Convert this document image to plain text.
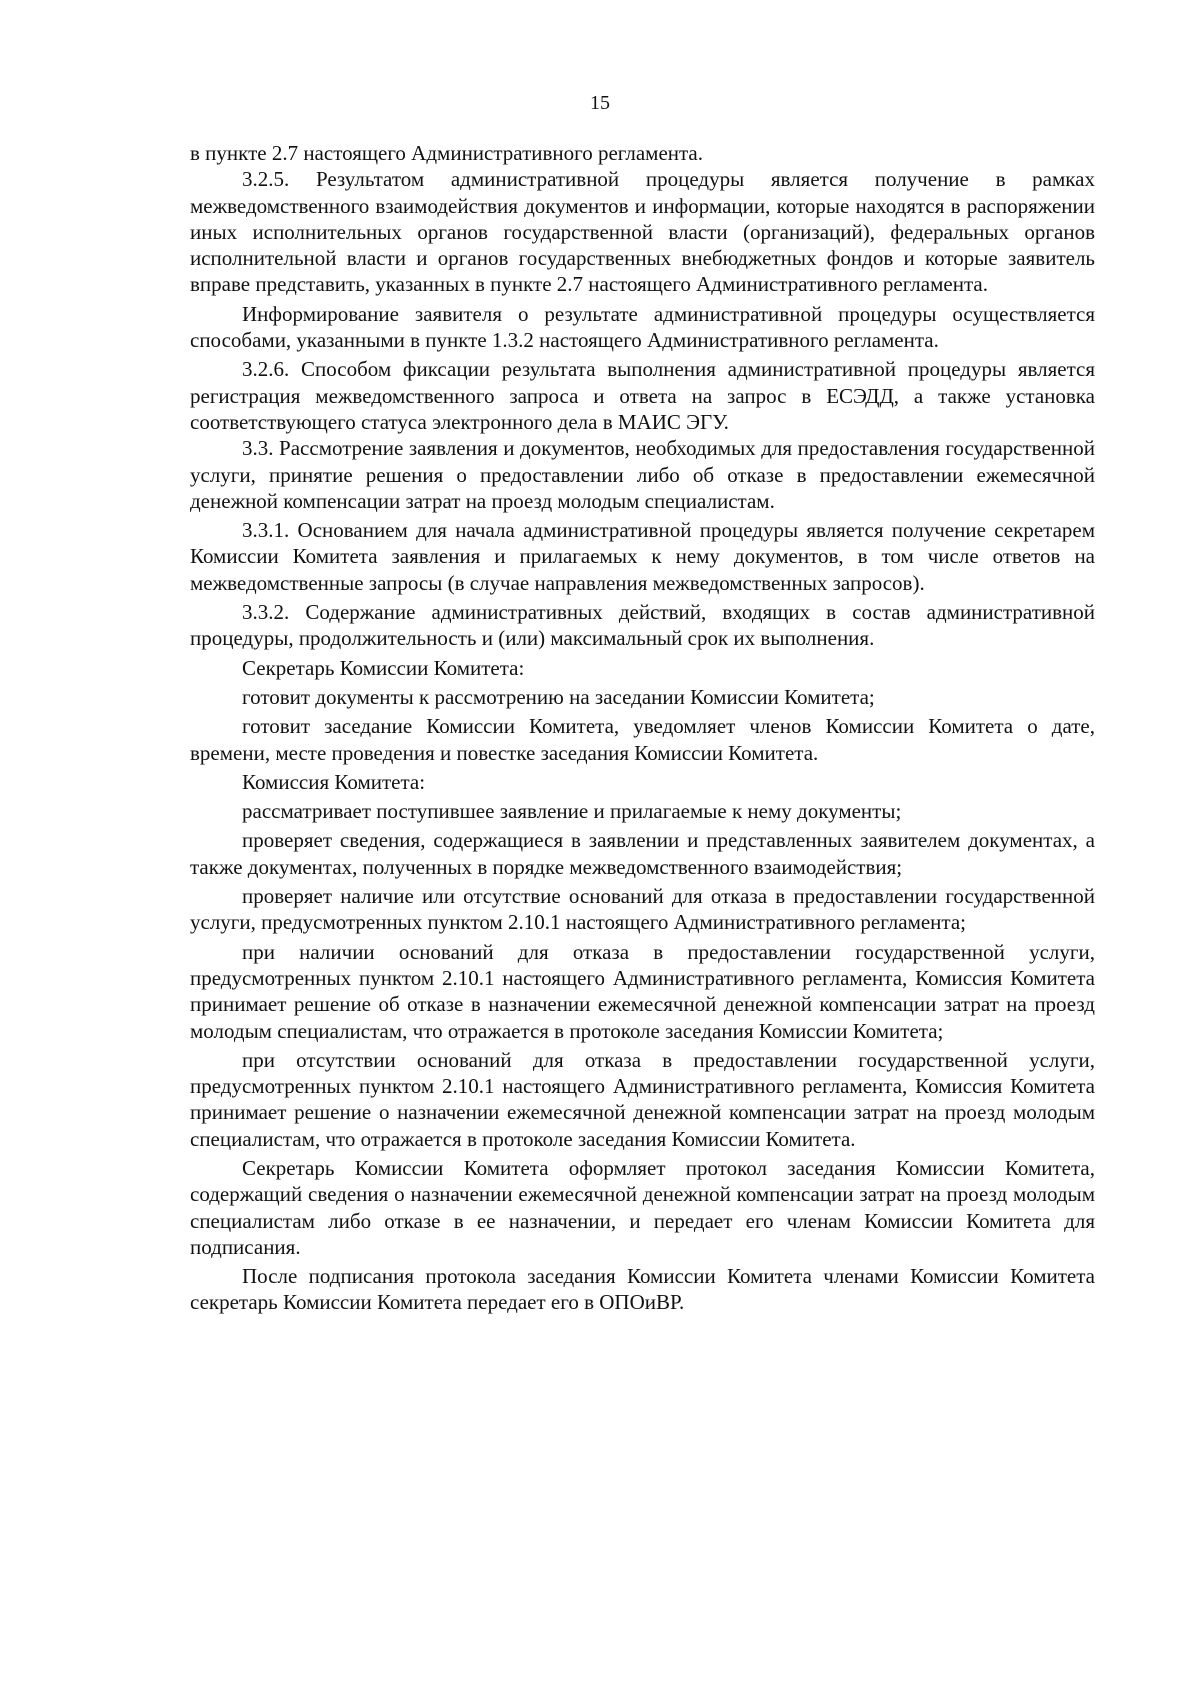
15

в пункте 2.7 настоящего Административного регламента.

3.2.5. Результатом административной процедуры является получение в рамках межведомственного взаимодействия документов и информации, которые находятся в распоряжении иных исполнительных органов государственной власти (организаций), федеральных органов исполнительной власти и органов государственных внебюджетных фондов и которые заявитель вправе представить, указанных в пункте 2.7 настоящего Административного регламента.

Информирование заявителя о результате административной процедуры осуществляется способами, указанными в пункте 1.3.2 настоящего Административного регламента.

3.2.6. Способом фиксации результата выполнения административной процедуры является регистрация межведомственного запроса и ответа на запрос в ЕСЭДД, а также установка соответствующего статуса электронного дела в МАИС ЭГУ.

3.3. Рассмотрение заявления и документов, необходимых для предоставления государственной услуги, принятие решения о предоставлении либо об отказе в предоставлении ежемесячной денежной компенсации затрат на проезд молодым специалистам.

3.3.1. Основанием для начала административной процедуры является получение секретарем Комиссии Комитета заявления и прилагаемых к нему документов, в том числе ответов на межведомственные запросы (в случае направления межведомственных запросов).

3.3.2. Содержание административных действий, входящих в состав административной процедуры, продолжительность и (или) максимальный срок их выполнения.

Секретарь Комиссии Комитета:

готовит документы к рассмотрению на заседании Комиссии Комитета;

готовит заседание Комиссии Комитета, уведомляет членов Комиссии Комитета о дате, времени, месте проведения и повестке заседания Комиссии Комитета.

Комиссия Комитета:

рассматривает поступившее заявление и прилагаемые к нему документы;

проверяет сведения, содержащиеся в заявлении и представленных заявителем документах, а также документах, полученных в порядке межведомственного взаимодействия;

проверяет наличие или отсутствие оснований для отказа в предоставлении государственной услуги, предусмотренных пунктом 2.10.1 настоящего Административного регламента;

при наличии оснований для отказа в предоставлении государственной услуги, предусмотренных пунктом 2.10.1 настоящего Административного регламента, Комиссия Комитета принимает решение об отказе в назначении ежемесячной денежной компенсации затрат на проезд молодым специалистам, что отражается в протоколе заседания Комиссии Комитета;

при отсутствии оснований для отказа в предоставлении государственной услуги, предусмотренных пунктом 2.10.1 настоящего Административного регламента, Комиссия Комитета принимает решение о назначении ежемесячной денежной компенсации затрат на проезд молодым специалистам, что отражается в протоколе заседания Комиссии Комитета.

Секретарь Комиссии Комитета оформляет протокол заседания Комиссии Комитета, содержащий сведения о назначении ежемесячной денежной компенсации затрат на проезд молодым специалистам либо отказе в ее назначении, и передает его членам Комиссии Комитета для подписания.

После подписания протокола заседания Комиссии Комитета членами Комиссии Комитета секретарь Комиссии Комитета передает его в ОПОиВР.
